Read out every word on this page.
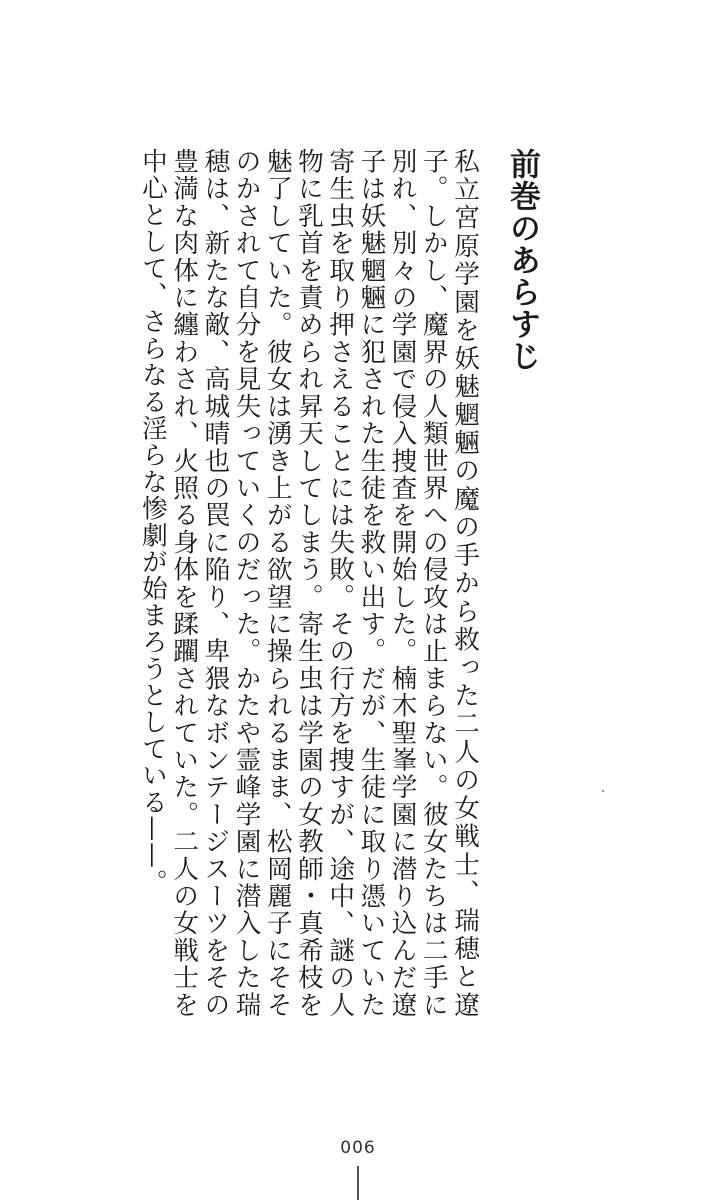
前巻のあらすじ
私立宮原学園を妖魅魍魎の魔の手から救った二人の女戦士、瑞穂と遼子。しかし、魔界の人類世界への侵攻は止まらない。彼女たちは二手に別れ、別々の学園で侵入捜査を開始した。楠木聖峯学園に潜り込んだ遼子は妖魅魍魎に犯された生徒を救い出す。だが、生徒に取り憑いていた寄生虫を取り押さえることには失敗。その行方を捜すが、途中、謎の人物に乳首を責められ昇天してしまう。寄生虫は学園の女教師・真希枝を魅了していた。彼女は湧き上がる欲望に操られるまま、松岡麗子にそそのかされて自分を見失っていくのだった。かたや霊峰学園に潜入した瑞穂は、新たな敵、高城晴也の罠に陥り、卑猥なボンテージスーツをその豊満な肉体に纏わされ、火照る身体を蹂躙されていた。二人の女戦士を中心として、さらなる淫らな惨劇が始まろうとしている——。
006
